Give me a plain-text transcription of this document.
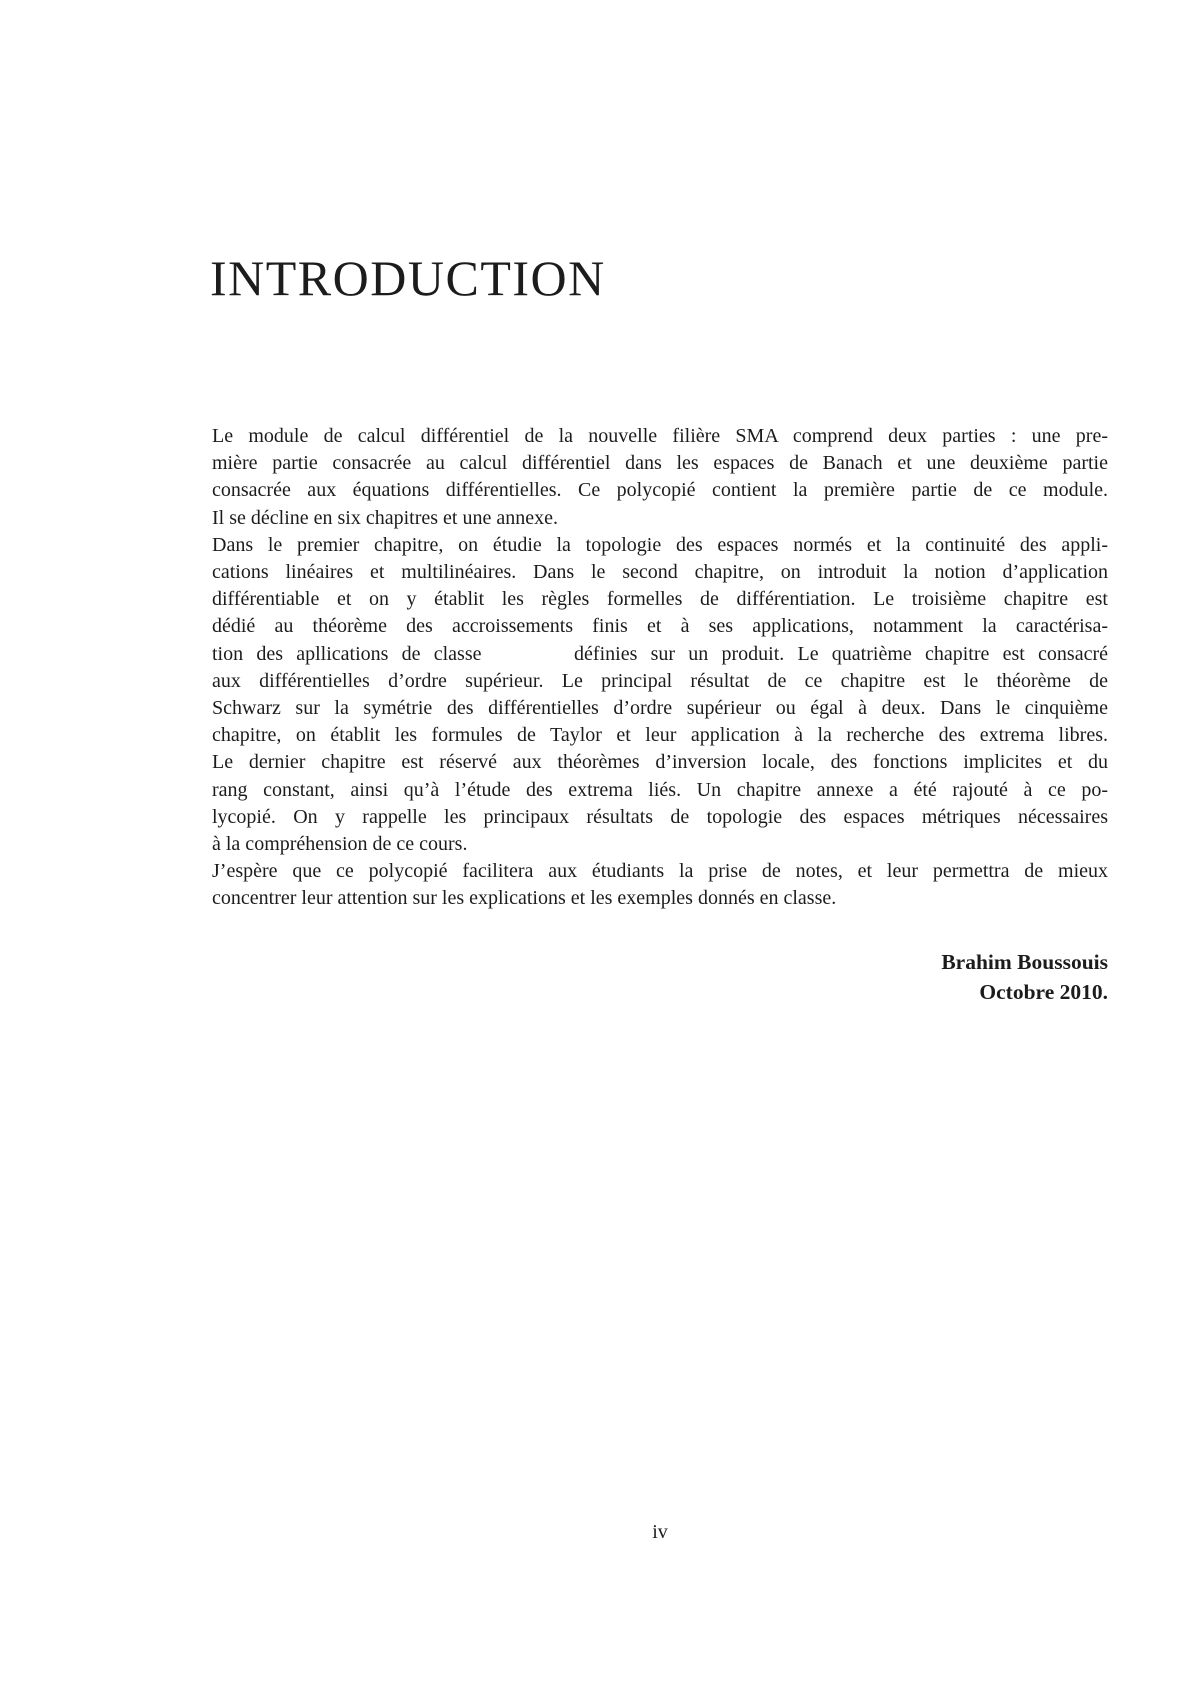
INTRODUCTION
Le module de calcul différentiel de la nouvelle filière SMA comprend deux parties : une pre-
mière partie consacrée au calcul différentiel dans les espaces de Banach et une deuxième partie
consacrée aux équations différentielles. Ce polycopié contient la première partie de ce module.
Il se décline en six chapitres et une annexe.
Dans le premier chapitre, on étudie la topologie des espaces normés et la continuité des appli-
cations linéaires et multilinéaires. Dans le second chapitre, on introduit la notion d’application
différentiable et on y établit les règles formelles de différentiation. Le troisième chapitre est
dédié au théorème des accroissements finis et à ses applications, notamment la caractérisa-
tion des apllications de classe       définies sur un produit. Le quatrième chapitre est consacré
aux différentielles d’ordre supérieur. Le principal résultat de ce chapitre est le théorème de
Schwarz sur la symétrie des différentielles d’ordre supérieur ou égal à deux. Dans le cinquième
chapitre, on établit les formules de Taylor et leur application à la recherche des extrema libres.
Le dernier chapitre est réservé aux théorèmes d’inversion locale, des fonctions implicites et du
rang constant, ainsi qu’à l’étude des extrema liés. Un chapitre annexe a été rajouté à ce po-
lycopié. On y rappelle les principaux résultats de topologie des espaces métriques nécessaires
à la compréhension de ce cours.
J’espère que ce polycopié facilitera aux étudiants la prise de notes, et leur permettra de mieux
concentrer leur attention sur les explications et les exemples donnés en classe.
Brahim Boussouis
Octobre 2010.
iv
